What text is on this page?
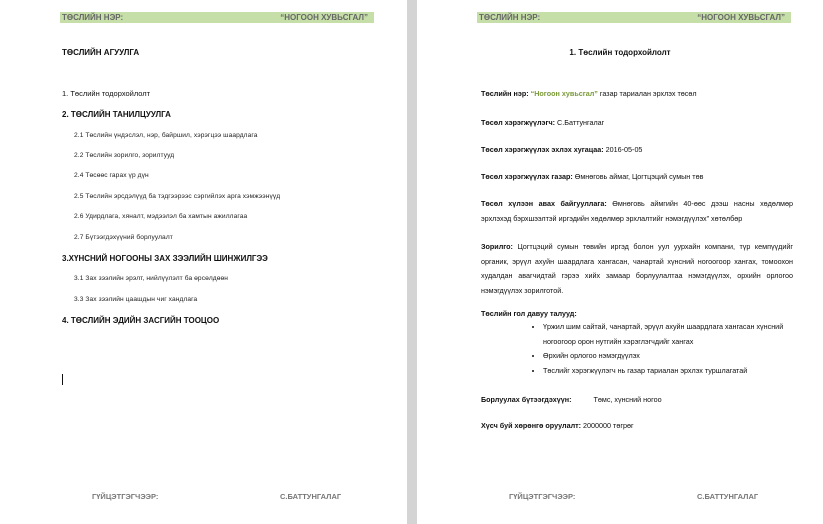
ТӨСЛИЙН НЭР:	“НОГООН ХУВЬСГАЛ”
ТӨСЛИЙН АГУУЛГА
1. Төслийн тодорхойлолт
2. ТӨСЛИЙН ТАНИЛЦУУЛГА
2.1 Төслийн үндэслэл, нэр, байршил, хэрэгцээ шаардлага
2.2 Төслийн зорилго, зорилтууд
2.4 Төсөөс гарах үр дүн
2.5 Төслийн эрсдэлүүд ба тэдгээрээс сэргийлэх арга хэмжээнүүд
2.6 Удирдлага, хяналт, мэдээлэл ба хамтын ажиллагаа
2.7 Бүтээгдэхүүний борлуулалт
3.ХҮНСНИЙ НОГООНЫ ЗАХ ЗЭЭЛИЙН ШИНЖИЛГЭЭ
3.1 Зах зээлийн эрэлт, нийлүүлэлт ба өрсөлдөөн
3.3 Зах зээлийн цаашдын чиг хандлага
4. ТӨСЛИЙН ЭДИЙН ЗАСГИЙН ТООЦОО
ГҮЙЦЭТГЭГЧЭЭР:	С.БАТТУНГАЛАГ
ТӨСЛИЙН НЭР:	“НОГООН ХУВЬСГАЛ”
1. Төслийн тодорхойлолт
Төслийн нэр: “Ногоон хувьсгал” газар тариалан эрхлэх төсөл
Төсөл хэрэгжүүлэгч: С.Баттунгалаг
Төсөл хэрэгжүүлэх эхлэх хугацаа: 2016-05-05
Төсөл хэрэгжүүлэх газар: Өмнөговь аймаг, Цогтцэций сумын төв
Төсөл хүлээн авах байгууллага: Өмнөговь аймгийн 40-өөс дээш насны хөдөлмөр эрхлэхэд бэрхшээлтэй иргэдийн хөдөлмөр эрхлалтийг нэмэгдүүлэх” хөтөлбөр
Зорилго: Цогтцэций сумын төвийн иргэд болон уул уурхайн компани, түр кемпүүдийг органик, эрүүл ахуйн шаардлага хангасан, чанартай хүнсний ногоогоор хангах, томоохон худалдан авагчидтай гэрээ хийх замаар борлуулалтаа нэмэгдүүлэх, орхийн орлогоо нэмэгдүүлэх зорилготой.
Төслийн гол давуу талууд:
• Үржил шим сайтай, чанартай, эрүүл ахуйн шаардлага хангасан хүнсний ногоогоор орон нутгийн хэрэглэгчдийг хангах
• Өрхийн орлогоо нэмэгдүүлэх
• Төслийг хэрэгжүүлэгч нь газар тариалан эрхлэх туршлагатай
Борлуулах бүтээгдэхүүн:	Төмс, хүнсний ногоо
Хүсч буй хөрөнгө оруулалт: 2000000 төгрөг
ГҮЙЦЭТГЭГЧЭЭР:	С.БАТТУНГАЛАГ
